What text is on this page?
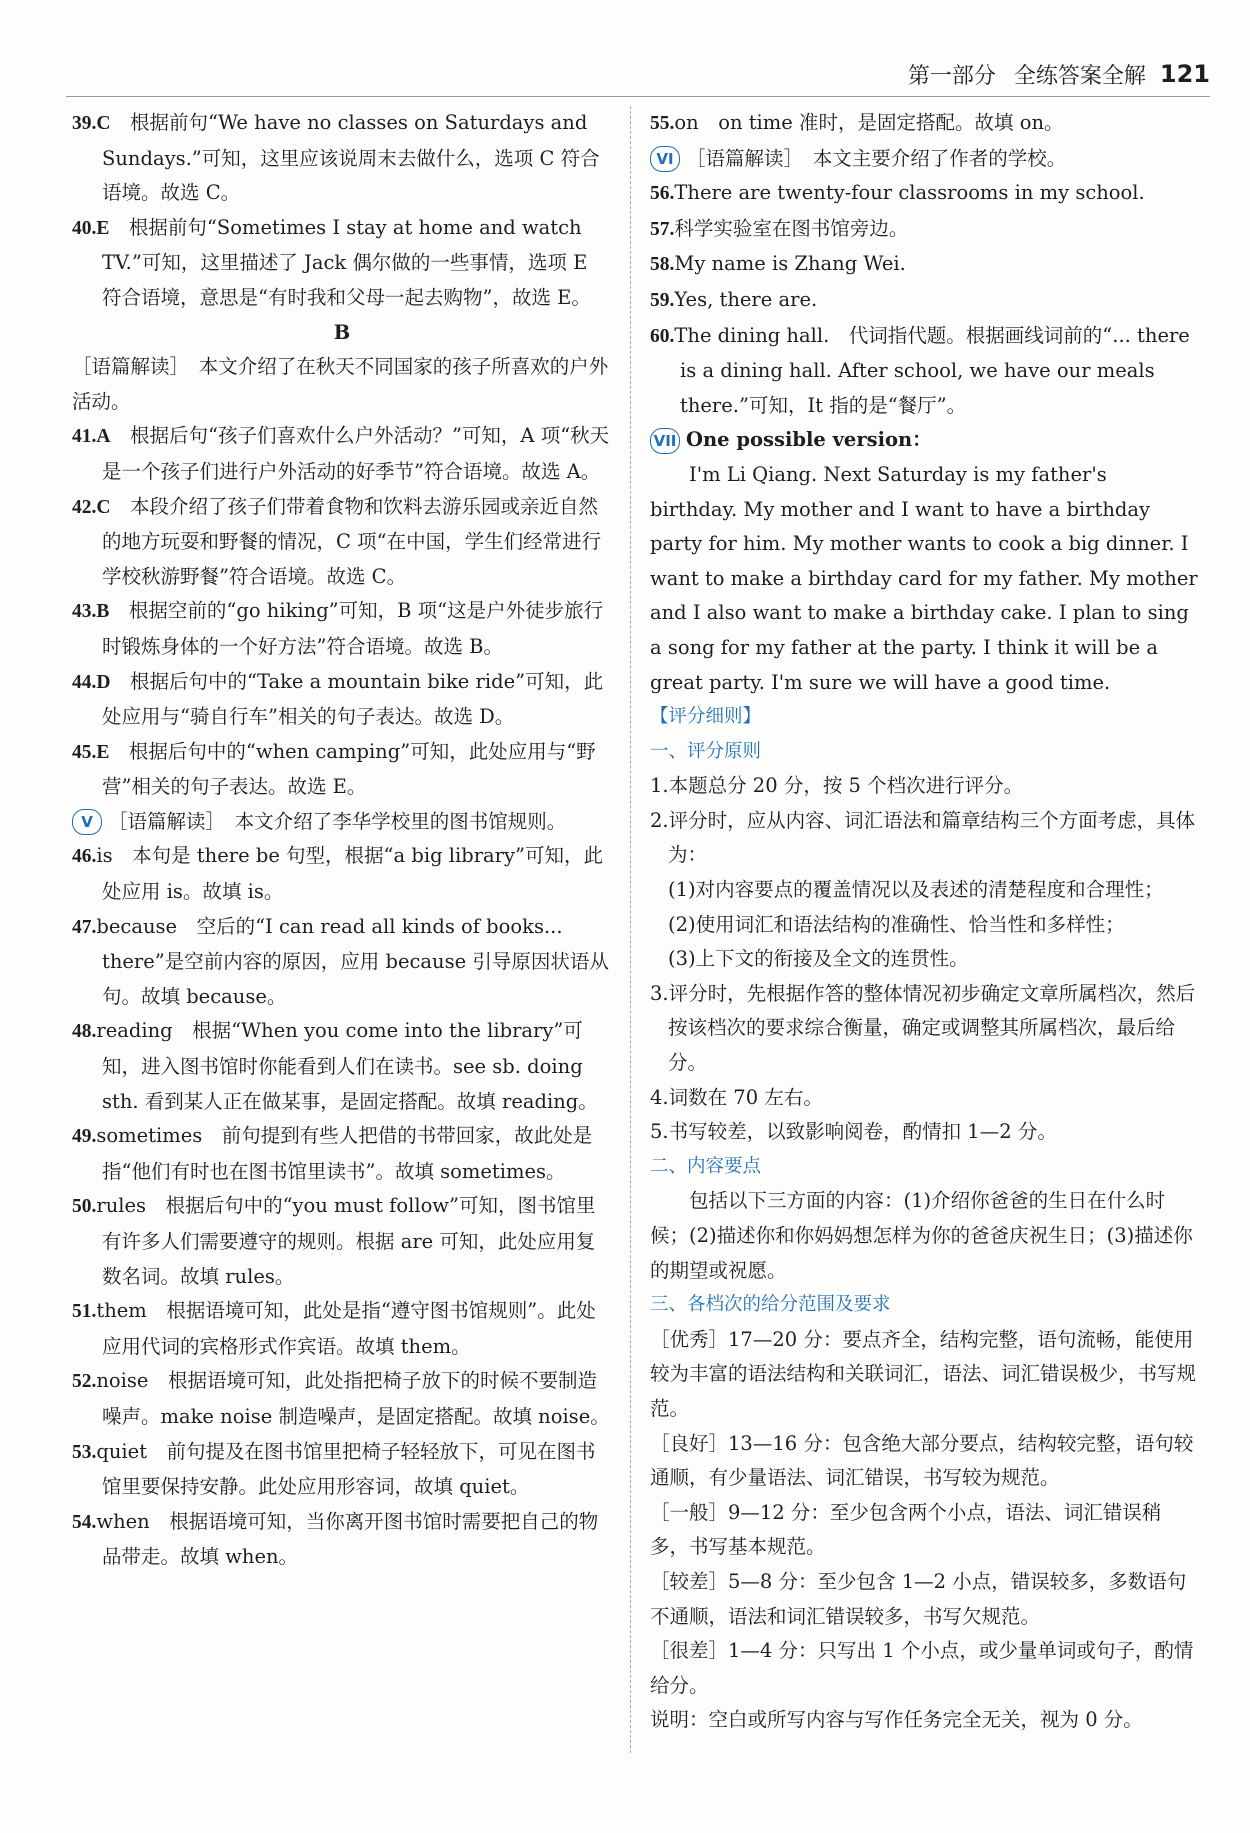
第一部分 全练答案全解 121
39.C　 根据前句“We have no classes on Saturdays and Sundays.”可知，这里应该说周末去做什么，选项 C 符合语境。故选 C。
40.E　 根据前句“Sometimes I stay at home and watch TV.”可知，这里描述了 Jack 偶尔做的一些事情，选项 E 符合语境，意思是“有时我和父母一起去购物”，故选 E。
B
［语篇解读］　本文介绍了在秋天不同国家的孩子所喜欢的户外活动。
41.A　 根据后句“孩子们喜欢什么户外活动？”可知，A 项“秋天是一个孩子们进行户外活动的好季节”符合语境。故选 A。
42.C　 本段介绍了孩子们带着食物和饮料去游乐园或亲近自然的地方玩耍和野餐的情况，C 项“在中国，学生们经常进行学校秋游野餐”符合语境。故选 C。
43.B　 根据空前的“go hiking”可知，B 项“这是户外徒步旅行时锻炼身体的一个好方法”符合语境。故选 B。
44.D　 根据后句中的“Take a mountain bike ride”可知，此处应用与“骑自行车”相关的句子表达。故选 D。
45.E　 根据后句中的“when camping”可知，此处应用与“野营”相关的句子表达。故选 E。
V ［语篇解读］　本文介绍了李华学校里的图书馆规则。
46.is　 本句是 there be 句型，根据“a big library”可知，此处应用 is。故填 is。
47.because　 空后的“I can read all kinds of books... there”是空前内容的原因，应用 because 引导原因状语从句。故填 because。
48.reading　 根据“When you come into the library”可知，进入图书馆时你能看到人们在读书。see sb. doing sth. 看到某人正在做某事，是固定搭配。故填 reading。
49.sometimes　 前句提到有些人把借的书带回家，故此处是指“他们有时也在图书馆里读书”。故填 sometimes。
50.rules　 根据后句中的“you must follow”可知，图书馆里有许多人们需要遵守的规则。根据 are 可知，此处应用复数名词。故填 rules。
51.them　 根据语境可知，此处是指“遵守图书馆规则”。此处应用代词的宾格形式作宾语。故填 them。
52.noise　 根据语境可知，此处指把椅子放下的时候不要制造噪声。make noise 制造噪声，是固定搭配。故填 noise。
53.quiet　 前句提及在图书馆里把椅子轻轻放下，可见在图书馆里要保持安静。此处应用形容词，故填 quiet。
54.when　 根据语境可知，当你离开图书馆时需要把自己的物品带走。故填 when。
55.on　 on time 准时，是固定搭配。故填 on。
VI ［语篇解读］　本文主要介绍了作者的学校。
56.There are twenty-four classrooms in my school.
57.科学实验室在图书馆旁边。
58.My name is Zhang Wei.
59.Yes, there are.
60.The dining hall.　代词指代题。根据画线词前的“... there is a dining hall. After school, we have our meals there.”可知，It 指的是“餐厅”。
VII One possible version：
I'm Li Qiang. Next Saturday is my father's birthday. My mother and I want to have a birthday party for him. My mother wants to cook a big dinner. I want to make a birthday card for my father. My mother and I also want to make a birthday cake. I plan to sing a song for my father at the party. I think it will be a great party. I'm sure we will have a good time.
【评分细则】
一、评分原则
1.本题总分 20 分，按 5 个档次进行评分。
2.评分时，应从内容、词汇语法和篇章结构三个方面考虑，具体为：
(1)对内容要点的覆盖情况以及表述的清楚程度和合理性；
(2)使用词汇和语法结构的准确性、恰当性和多样性；
(3)上下文的衔接及全文的连贯性。
3.评分时，先根据作答的整体情况初步确定文章所属档次，然后按该档次的要求综合衡量，确定或调整其所属档次，最后给分。
4.词数在 70 左右。
5.书写较差，以致影响阅卷，酌情扣 1—2 分。
二、内容要点
包括以下三方面的内容：(1)介绍你爸爸的生日在什么时候；(2)描述你和你妈妈想怎样为你的爸爸庆祝生日；(3)描述你的期望或祝愿。
三、各档次的给分范围及要求
［优秀］17—20 分：要点齐全，结构完整，语句流畅，能使用较为丰富的语法结构和关联词汇，语法、词汇错误极少，书写规范。
［良好］13—16 分：包含绝大部分要点，结构较完整，语句较通顺，有少量语法、词汇错误，书写较为规范。
［一般］9—12 分：至少包含两个小点，语法、词汇错误稍多，书写基本规范。
［较差］5—8 分：至少包含 1—2 小点，错误较多，多数语句不通顺，语法和词汇错误较多，书写欠规范。
［很差］1—4 分：只写出 1 个小点，或少量单词或句子，酌情给分。
说明：空白或所写内容与写作任务完全无关，视为 0 分。
